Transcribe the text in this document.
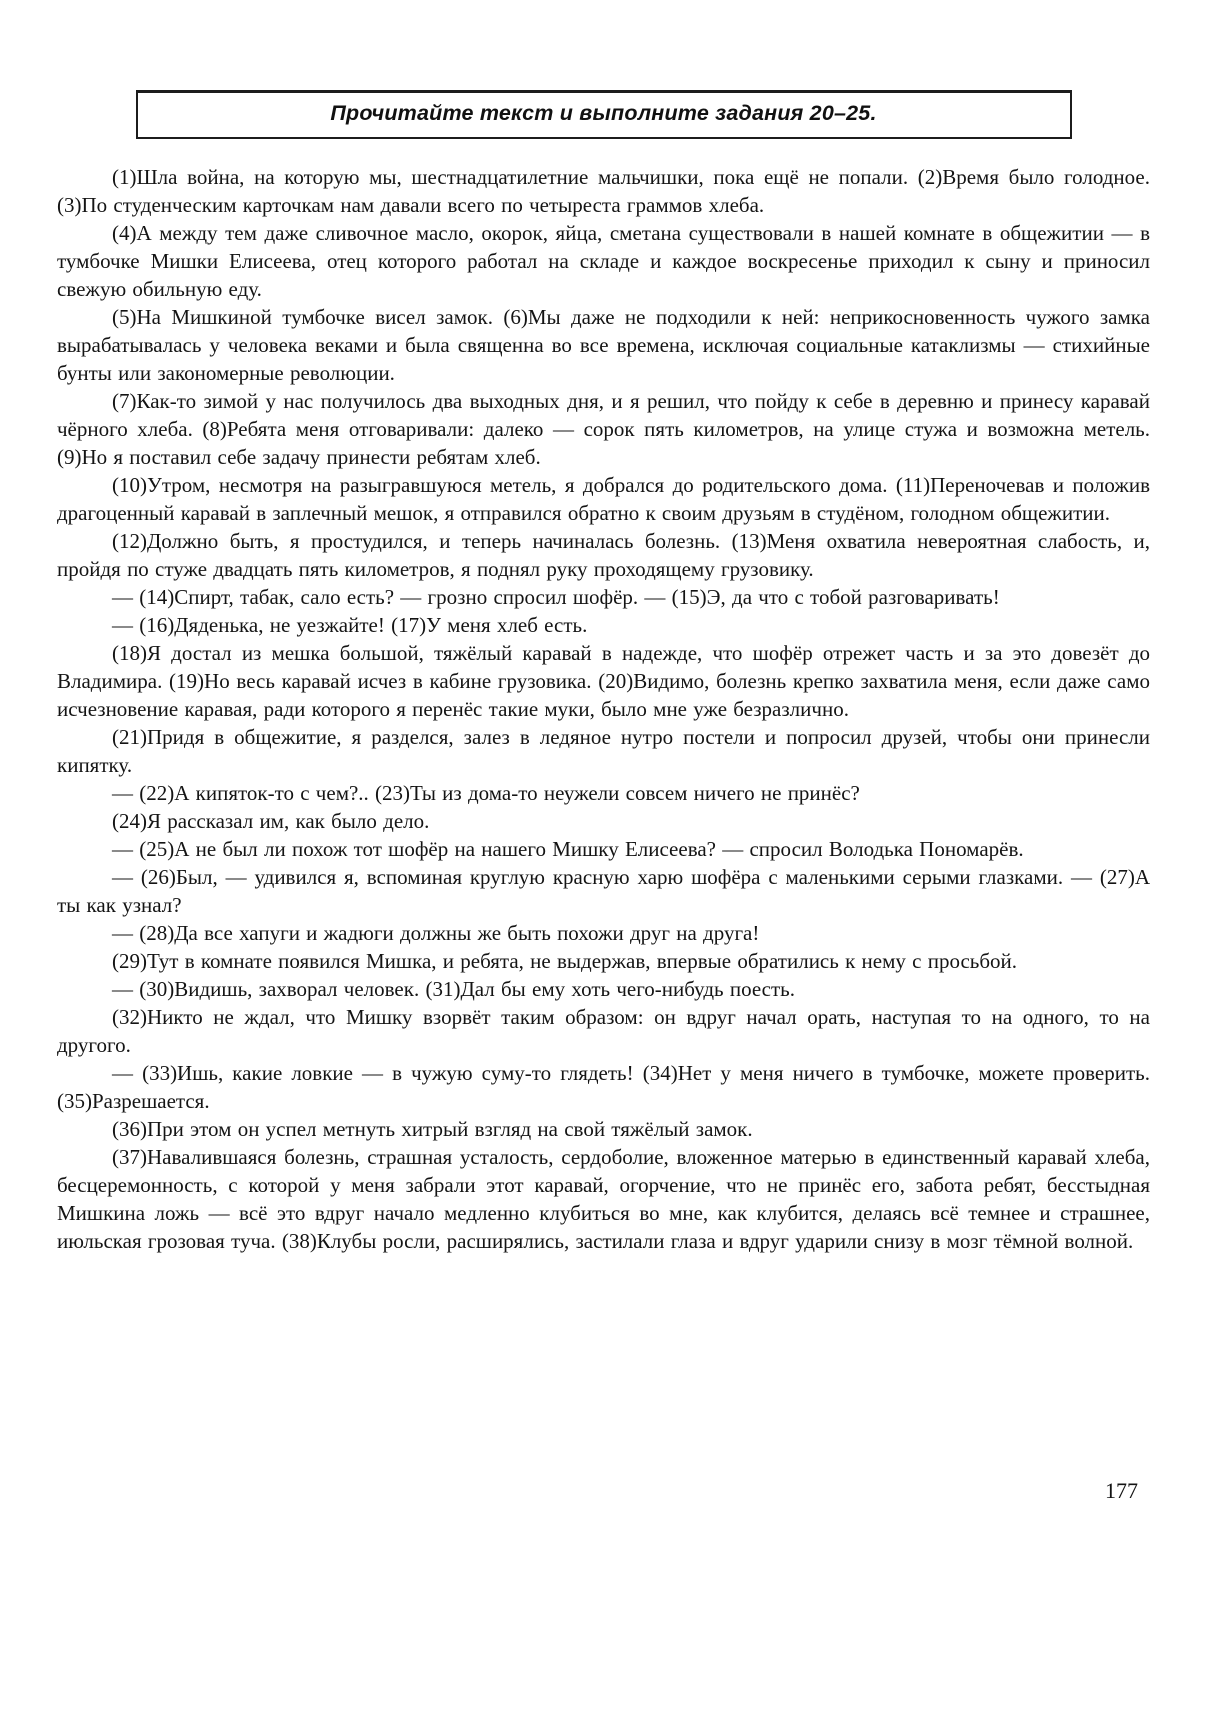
Прочитайте текст и выполните задания 20–25.

(1)Шла война, на которую мы, шестнадцатилетние мальчишки, пока ещё не попали. (2)Время было голодное. (3)По студенческим карточкам нам давали всего по четыреста граммов хлеба.

(4)А между тем даже сливочное масло, окорок, яйца, сметана существовали в нашей комнате в общежитии — в тумбочке Мишки Елисеева, отец которого работал на складе и каждое воскресенье приходил к сыну и приносил свежую обильную еду.

(5)На Мишкиной тумбочке висел замок. (6)Мы даже не подходили к ней: неприкосновенность чужого замка вырабатывалась у человека веками и была священна во все времена, исключая социальные катаклизмы — стихийные бунты или закономерные революции.

(7)Как-то зимой у нас получилось два выходных дня, и я решил, что пойду к себе в деревню и принесу каравай чёрного хлеба. (8)Ребята меня отговаривали: далеко — сорок пять километров, на улице стужа и возможна метель. (9)Но я поставил себе задачу принести ребятам хлеб.

(10)Утром, несмотря на разыгравшуюся метель, я добрался до родительского дома. (11)Переночевав и положив драгоценный каравай в заплечный мешок, я отправился обратно к своим друзьям в студёном, голодном общежитии.

(12)Должно быть, я простудился, и теперь начиналась болезнь. (13)Меня охватила невероятная слабость, и, пройдя по стуже двадцать пять километров, я поднял руку проходящему грузовику.

— (14)Спирт, табак, сало есть? — грозно спросил шофёр. — (15)Э, да что с тобой разговаривать!

— (16)Дяденька, не уезжайте! (17)У меня хлеб есть.

(18)Я достал из мешка большой, тяжёлый каравай в надежде, что шофёр отрежет часть и за это довезёт до Владимира. (19)Но весь каравай исчез в кабине грузовика. (20)Видимо, болезнь крепко захватила меня, если даже само исчезновение каравая, ради которого я перенёс такие муки, было мне уже безразлично.

(21)Придя в общежитие, я разделся, залез в ледяное нутро постели и попросил друзей, чтобы они принесли кипятку.

— (22)А кипяток-то с чем?.. (23)Ты из дома-то неужели совсем ничего не принёс?

(24)Я рассказал им, как было дело.

— (25)А не был ли похож тот шофёр на нашего Мишку Елисеева? — спросил Володька Пономарёв.

— (26)Был, — удивился я, вспоминая круглую красную харю шофёра с маленькими серыми глазками. — (27)А ты как узнал?

— (28)Да все хапуги и жадюги должны же быть похожи друг на друга!

(29)Тут в комнате появился Мишка, и ребята, не выдержав, впервые обратились к нему с просьбой.

— (30)Видишь, захворал человек. (31)Дал бы ему хоть чего-нибудь поесть.

(32)Никто не ждал, что Мишку взорвёт таким образом: он вдруг начал орать, наступая то на одного, то на другого.

— (33)Ишь, какие ловкие — в чужую суму-то глядеть! (34)Нет у меня ничего в тумбочке, можете проверить. (35)Разрешается.

(36)При этом он успел метнуть хитрый взгляд на свой тяжёлый замок.

(37)Навалившаяся болезнь, страшная усталость, сердоболие, вложенное матерью в единственный каравай хлеба, бесцеремонность, с которой у меня забрали этот каравай, огорчение, что не принёс его, забота ребят, бесстыдная Мишкина ложь — всё это вдруг начало медленно клубиться во мне, как клубится, делаясь всё темнее и страшнее, июльская грозовая туча. (38)Клубы росли, расширялись, застилали глаза и вдруг ударили снизу в мозг тёмной волной.

177
